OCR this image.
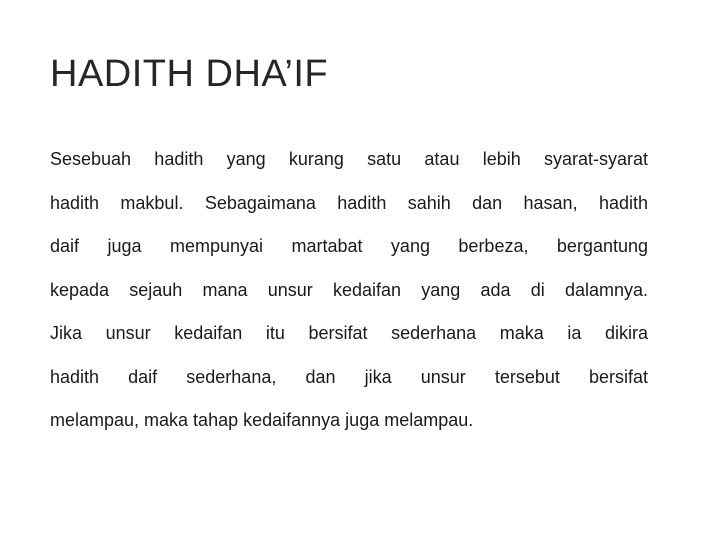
HADITH DHA’IF
Sesebuah hadith yang kurang satu atau lebih syarat-syarat
hadith makbul. Sebagaimana hadith sahih dan hasan, hadith
daif juga mempunyai martabat yang berbeza, bergantung
kepada sejauh mana unsur kedaifan yang ada di dalamnya.
Jika unsur kedaifan itu bersifat sederhana maka ia dikira
hadith daif sederhana, dan jika unsur tersebut bersifat
melampau, maka tahap kedaifannya juga melampau.
